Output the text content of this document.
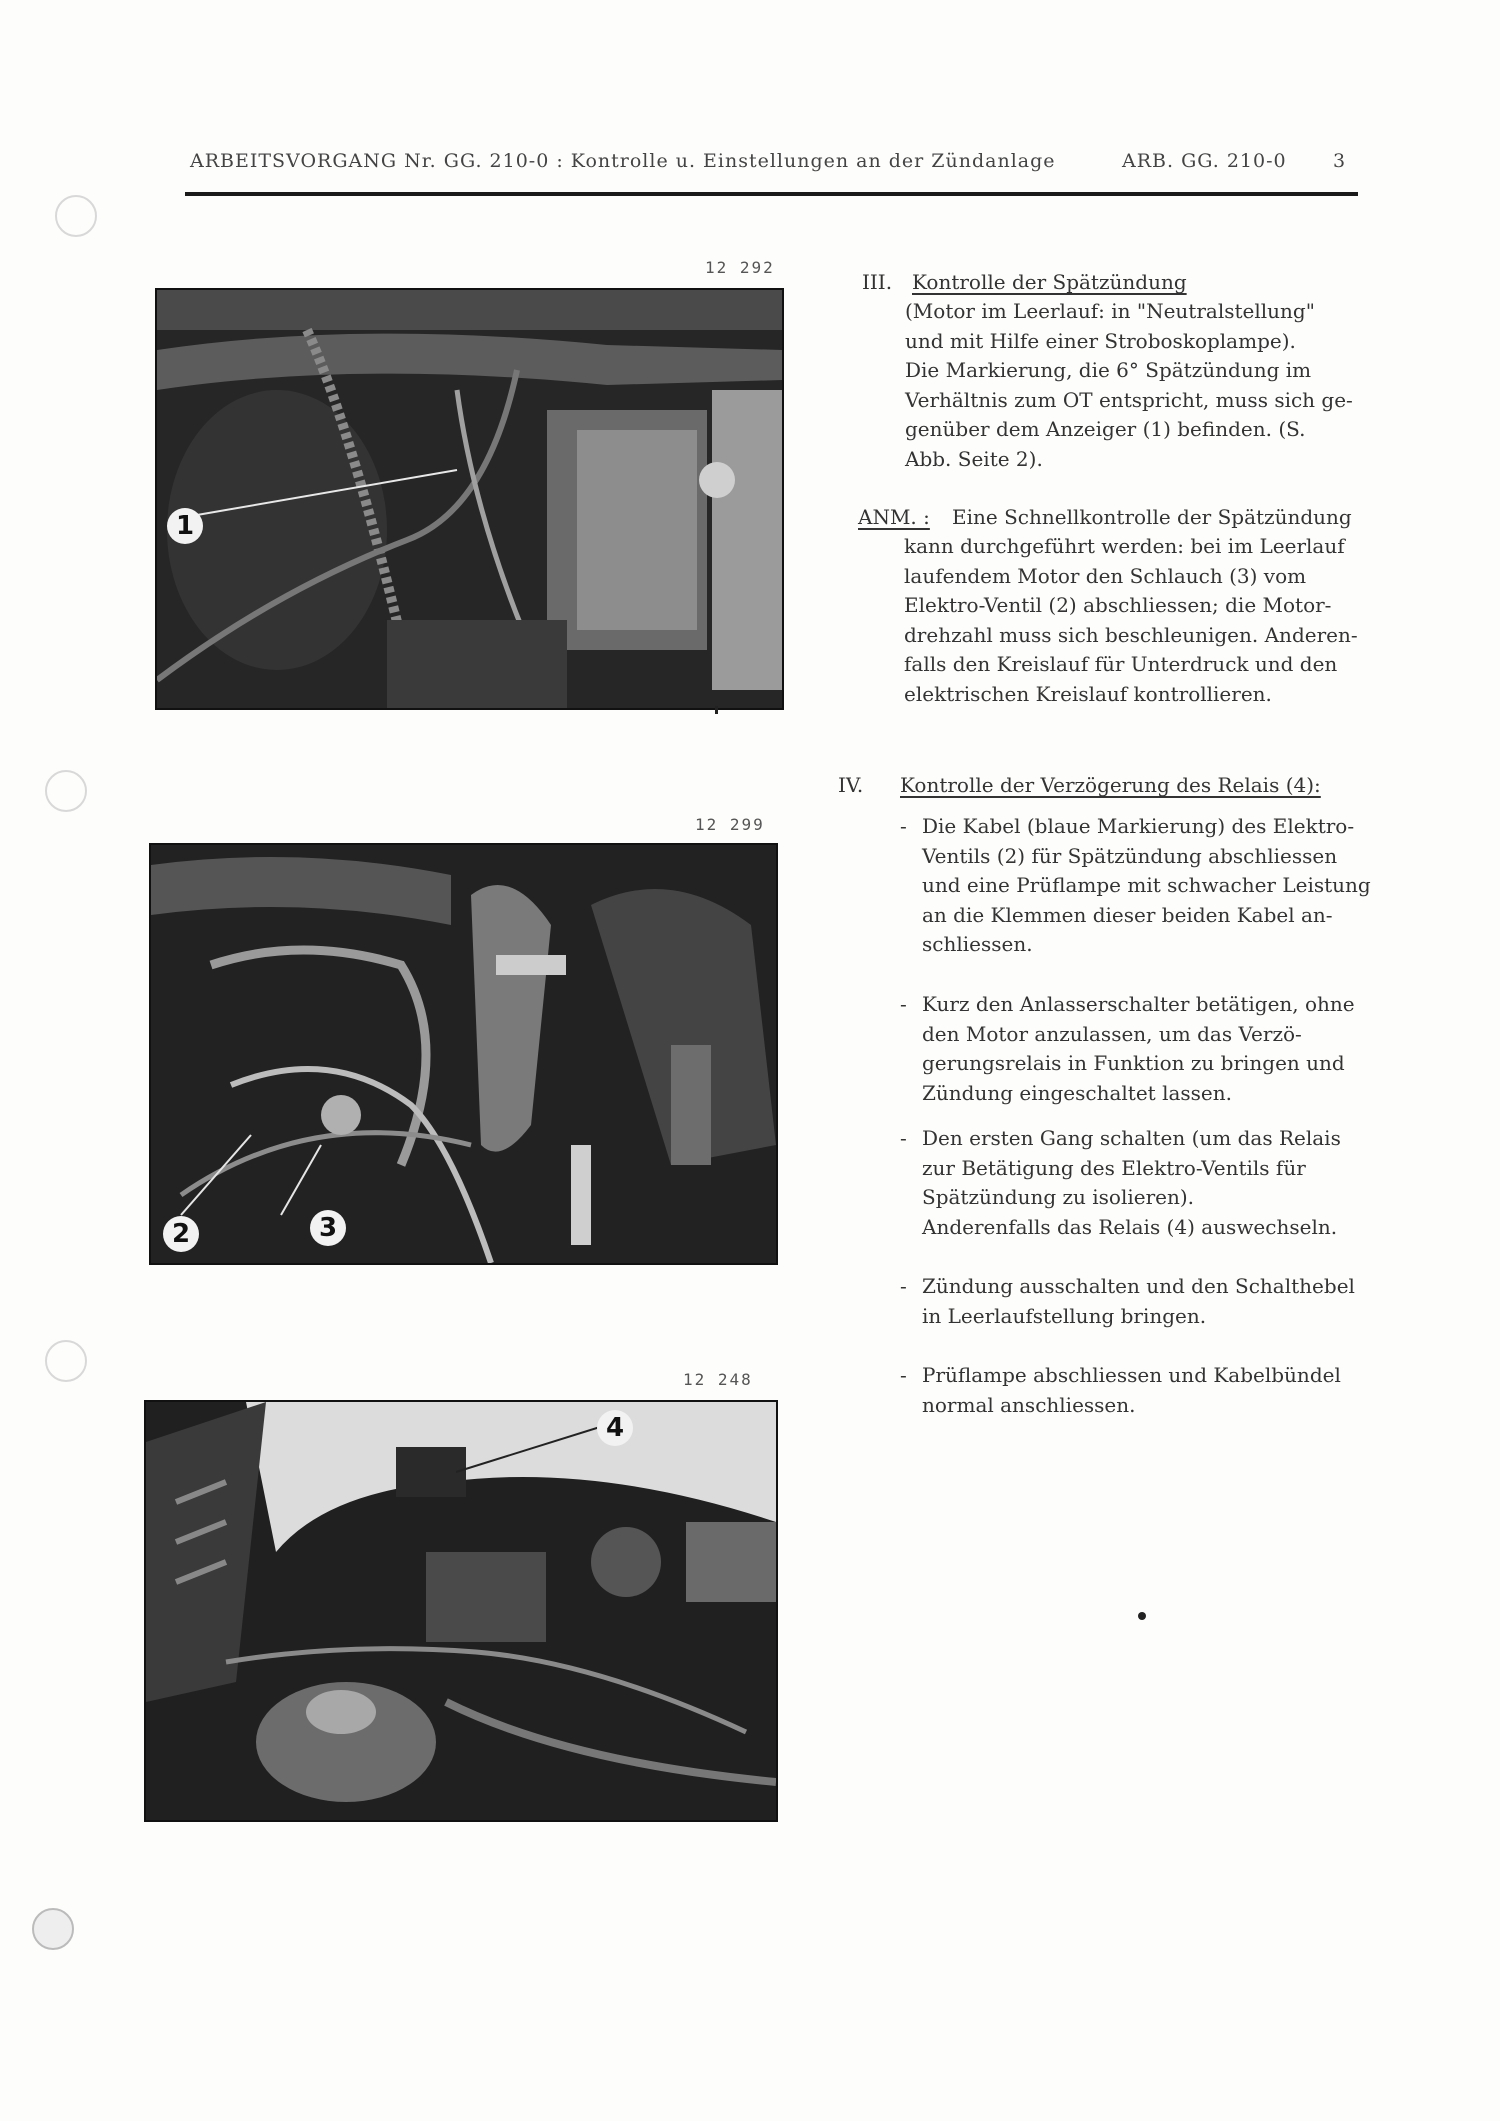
ARBEITSVORGANG Nr. GG. 210-0 : Kontrolle u. Einstellungen an der Zündanlage	ARB. GG. 210-0 3
12 292
1
12 299
2	3
12 248
4
III. Kontrolle der Spätzündung

(Motor im Leerlauf: in "Neutralstellung"

und mit Hilfe einer Stroboskoplampe).

Die Markierung, die 6° Spätzündung im

Verhältnis zum OT entspricht, muss sich ge-

genüber dem Anzeiger (1) befinden. (S.

Abb. Seite 2).

ANM. : Eine Schnellkontrolle der Spätzündung

kann durchgeführt werden: bei im Leerlauf

laufendem Motor den Schlauch (3) vom

Elektro-Ventil (2) abschliessen; die Motor-

drehzahl muss sich beschleunigen. Anderen-

falls den Kreislauf für Unterdruck und den

elektrischen Kreislauf kontrollieren.

IV. Kontrolle der Verzögerung des Relais (4):
- Die Kabel (blaue Markierung) des Elektro-

Ventils (2) für Spätzündung abschliessen

und eine Prüflampe mit schwacher Leistung

an die Klemmen dieser beiden Kabel an-

schliessen.

- Kurz den Anlasserschalter betätigen, ohne

den Motor anzulassen, um das Verzö-

gerungsrelais in Funktion zu bringen und

Zündung eingeschaltet lassen.

- Den ersten Gang schalten (um das Relais

zur Betätigung des Elektro-Ventils für

Spätzündung zu isolieren).

Anderenfalls das Relais (4) auswechseln.

- Zündung ausschalten und den Schalthebel

in Leerlaufstellung bringen.

- Prüflampe abschliessen und Kabelbündel

normal anschliessen.
